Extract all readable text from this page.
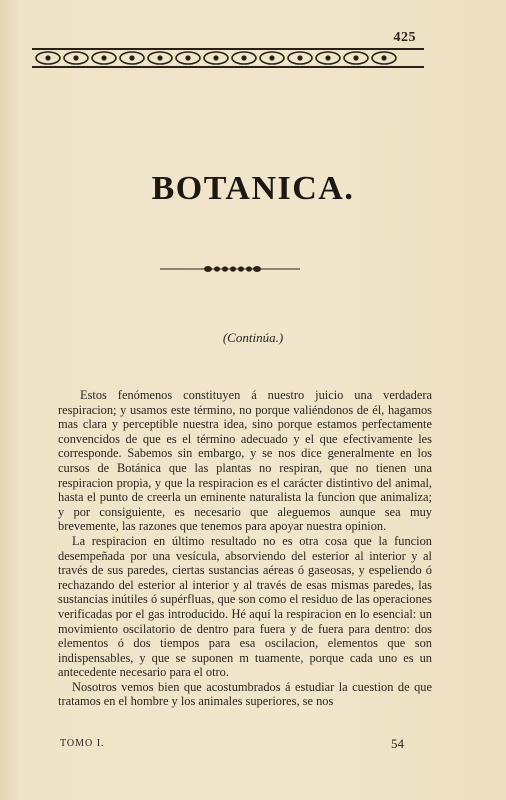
425
BOTANICA.
(Continúa.)

Estos fenómenos constituyen á nuestro juicio una verdadera respiracion; y usamos este término, no porque valiéndonos de él, hagamos mas clara y perceptible nuestra idea, sino porque estamos perfectamente convencidos de que es el término adecuado y el que efectivamente les corresponde. Sabemos sin embargo, y se nos dice generalmente en los cursos de Botánica que las plantas no respiran, que no tienen una respiracion propia, y que la respiracion es el carácter distintivo del animal, hasta el punto de creerla un eminente naturalista la funcion que animaliza; y por consiguiente, es necesario que aleguemos aunque sea muy brevemente, las razones que tenemos para apoyar nuestra opinion.

La respiracion en último resultado no es otra cosa que la funcion desempeñada por una vesícula, absorviendo del esterior al interior y al través de sus paredes, ciertas sustancias aéreas ó gaseosas, y espeliendo ó rechazando del esterior al interior y al través de esas mismas paredes, las sustancias inútiles ó supérfluas, que son como el residuo de las operaciones verificadas por el gas introducido. Hé aquí la respiracion en lo esencial: un movimiento oscilatorio de dentro para fuera y de fuera para dentro: dos elementos ó dos tiempos para esa oscilacion, elementos que son indispensables, y que se suponen m tuamente, porque cada uno es un antecedente necesario para el otro.

Nosotros vemos bien que acostumbrados á estudiar la cuestion de que tratamos en el hombre y los animales superiores, se nos

TOMO I.	54
